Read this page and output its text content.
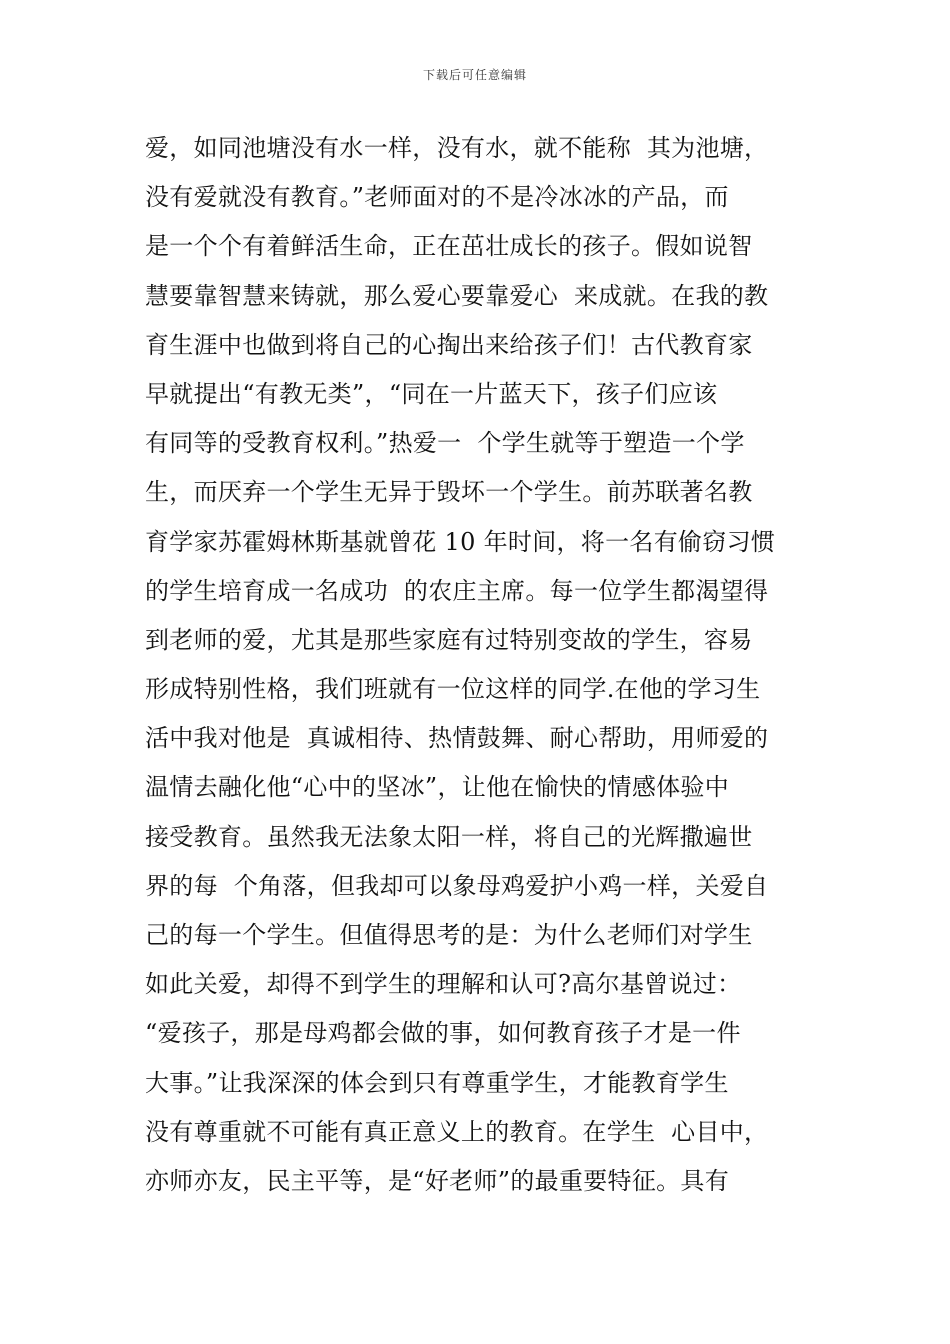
下载后可任意编辑
爱，如同池塘没有水一样，没有水，就不能称  其为池塘，
没有爱就没有教育。”老师面对的不是冷冰冰的产品，而
是一个个有着鲜活生命，正在茁壮成长的孩子。假如说智
慧要靠智慧来铸就，那么爱心要靠爱心  来成就。在我的教
育生涯中也做到将自己的心掏出来给孩子们！古代教育家
早就提出“有教无类”，“同在一片蓝天下，孩子们应该
有同等的受教育权利。”热爱一  个学生就等于塑造一个学
生，而厌弃一个学生无异于毁坏一个学生。前苏联著名教
育学家苏霍姆林斯基就曾花 10 年时间，将一名有偷窃习惯
的学生培育成一名成功  的农庄主席。每一位学生都渴望得
到老师的爱，尤其是那些家庭有过特别变故的学生，容易
形成特别性格，我们班就有一位这样的同学.在他的学习生
活中我对他是  真诚相待、热情鼓舞、耐心帮助，用师爱的
温情去融化他“心中的坚冰”，让他在愉快的情感体验中
接受教育。虽然我无法象太阳一样，将自己的光辉撒遍世
界的每  个角落，但我却可以象母鸡爱护小鸡一样，关爱自
己的每一个学生。但值得思考的是：为什么老师们对学生
如此关爱，却得不到学生的理解和认可?高尔基曾说过：
“爱孩子，那是母鸡都会做的事，如何教育孩子才是一件
大事。”让我深深的体会到只有尊重学生，才能教育学生
没有尊重就不可能有真正意义上的教育。在学生  心目中，
亦师亦友，民主平等，是“好老师”的最重要特征。具有
